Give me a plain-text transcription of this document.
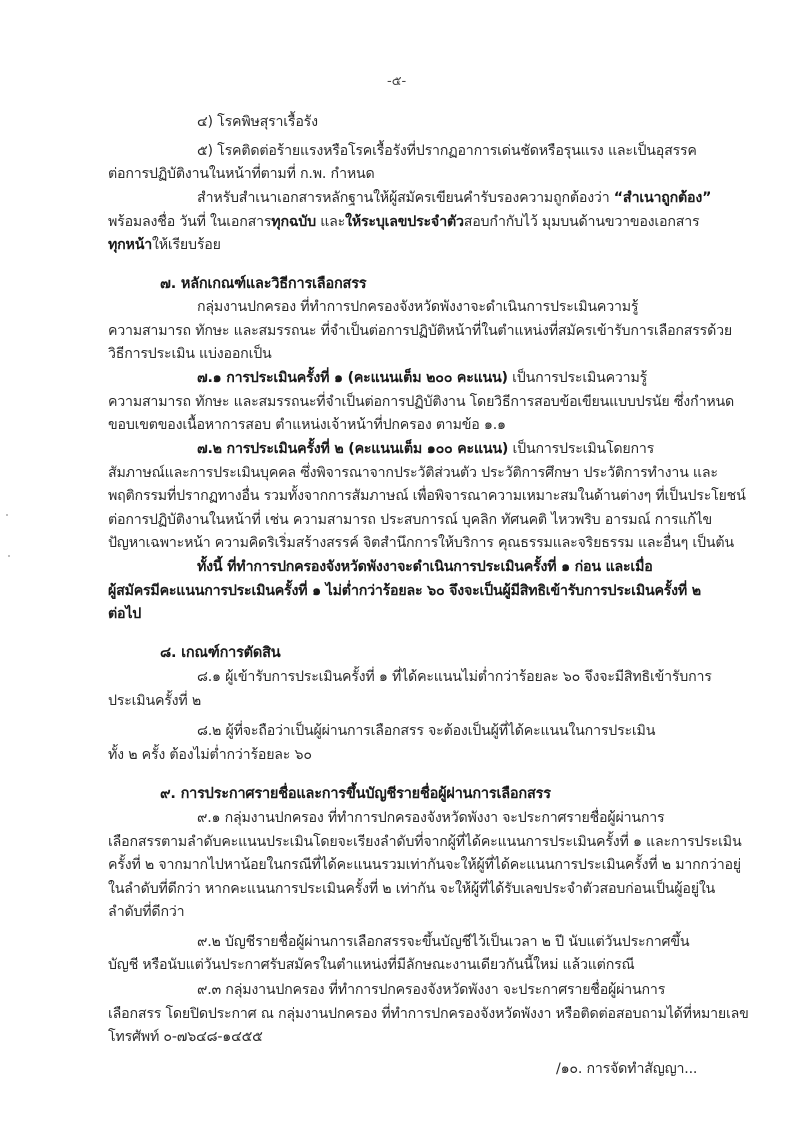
-๕-
๔) โรคพิษสุราเรื้อรัง
๕) โรคติดต่อร้ายแรงหรือโรคเรื้อรังที่ปรากฏอาการเด่นชัดหรือรุนแรง และเป็นอุสรรค
ต่อการปฏิบัติงานในหน้าที่ตามที่ ก.พ. กำหนด
สำหรับสำเนาเอกสารหลักฐานให้ผู้สมัครเขียนคำรับรองความถูกต้องว่า “สำเนาถูกต้อง”
พร้อมลงชื่อ วันที่ ในเอกสารทุกฉบับ และให้ระบุเลขประจำตัวสอบกำกับไว้ มุมบนด้านขวาของเอกสาร
ทุกหน้าให้เรียบร้อย
๗. หลักเกณฑ์และวิธีการเลือกสรร
กลุ่มงานปกครอง ที่ทำการปกครองจังหวัดพังงาจะดำเนินการประเมินความรู้
ความสามารถ ทักษะ และสมรรถนะ ที่จำเป็นต่อการปฏิบัติหน้าที่ในตำแหน่งที่สมัครเข้ารับการเลือกสรรด้วย
วิธีการประเมิน แบ่งออกเป็น
๗.๑ การประเมินครั้งที่ ๑ (คะแนนเต็ม ๒๐๐ คะแนน) เป็นการประเมินความรู้
ความสามารถ ทักษะ และสมรรถนะที่จำเป็นต่อการปฏิบัติงาน โดยวิธีการสอบข้อเขียนแบบปรนัย ซึ่งกำหนด
ขอบเขตของเนื้อหาการสอบ ตำแหน่งเจ้าหน้าที่ปกครอง ตามข้อ ๑.๑
๗.๒ การประเมินครั้งที่ ๒ (คะแนนเต็ม ๑๐๐ คะแนน) เป็นการประเมินโดยการ
สัมภาษณ์และการประเมินบุคคล ซึ่งพิจารณาจากประวัติส่วนตัว ประวัติการศึกษา ประวัติการทำงาน และ
พฤติกรรมที่ปรากฏทางอื่น รวมทั้งจากการสัมภาษณ์ เพื่อพิจารณาความเหมาะสมในด้านต่างๆ ที่เป็นประโยชน์
ต่อการปฏิบัติงานในหน้าที่ เช่น ความสามารถ ประสบการณ์ บุคลิก ทัศนคติ ไหวพริบ อารมณ์ การแก้ไข
ปัญหาเฉพาะหน้า ความคิดริเริ่มสร้างสรรค์ จิตสำนึกการให้บริการ คุณธรรมและจริยธรรม และอื่นๆ เป็นต้น
ทั้งนี้ ที่ทำการปกครองจังหวัดพังงาจะดำเนินการประเมินครั้งที่ ๑ ก่อน และเมื่อ
ผู้สมัครมีคะแนนการประเมินครั้งที่ ๑ ไม่ต่ำกว่าร้อยละ ๖๐ จึงจะเป็นผู้มีสิทธิเข้ารับการประเมินครั้งที่ ๒
ต่อไป
๘. เกณฑ์การตัดสิน
๘.๑ ผู้เข้ารับการประเมินครั้งที่ ๑ ที่ได้คะแนนไม่ต่ำกว่าร้อยละ ๖๐ จึงจะมีสิทธิเข้ารับการ
ประเมินครั้งที่ ๒
๘.๒ ผู้ที่จะถือว่าเป็นผู้ผ่านการเลือกสรร จะต้องเป็นผู้ที่ได้คะแนนในการประเมิน
ทั้ง ๒ ครั้ง ต้องไม่ต่ำกว่าร้อยละ ๖๐
๙. การประกาศรายชื่อและการขึ้นบัญชีรายชื่อผู้ผ่านการเลือกสรร
๙.๑ กลุ่มงานปกครอง ที่ทำการปกครองจังหวัดพังงา จะประกาศรายชื่อผู้ผ่านการ
เลือกสรรตามลำดับคะแนนประเมินโดยจะเรียงลำดับที่จากผู้ที่ได้คะแนนการประเมินครั้งที่ ๑ และการประเมิน
ครั้งที่ ๒ จากมากไปหาน้อยในกรณีที่ได้คะแนนรวมเท่ากันจะให้ผู้ที่ได้คะแนนการประเมินครั้งที่ ๒ มากกว่าอยู่
ในลำดับที่ดีกว่า หากคะแนนการประเมินครั้งที่ ๒ เท่ากัน จะให้ผู้ที่ได้รับเลขประจำตัวสอบก่อนเป็นผู้อยู่ใน
ลำดับที่ดีกว่า
๙.๒ บัญชีรายชื่อผู้ผ่านการเลือกสรรจะขึ้นบัญชีไว้เป็นเวลา ๒ ปี นับแต่วันประกาศขึ้น
บัญชี หรือนับแต่วันประกาศรับสมัครในตำแหน่งที่มีลักษณะงานเดียวกันนี้ใหม่ แล้วแต่กรณี
๙.๓ กลุ่มงานปกครอง ที่ทำการปกครองจังหวัดพังงา จะประกาศรายชื่อผู้ผ่านการ
เลือกสรร โดยปิดประกาศ ณ กลุ่มงานปกครอง ที่ทำการปกครองจังหวัดพังงา หรือติดต่อสอบถามได้ที่หมายเลข
โทรศัพท์ ๐-๗๖๔๘-๑๔๕๕
/๑๐. การจัดทำสัญญา...
